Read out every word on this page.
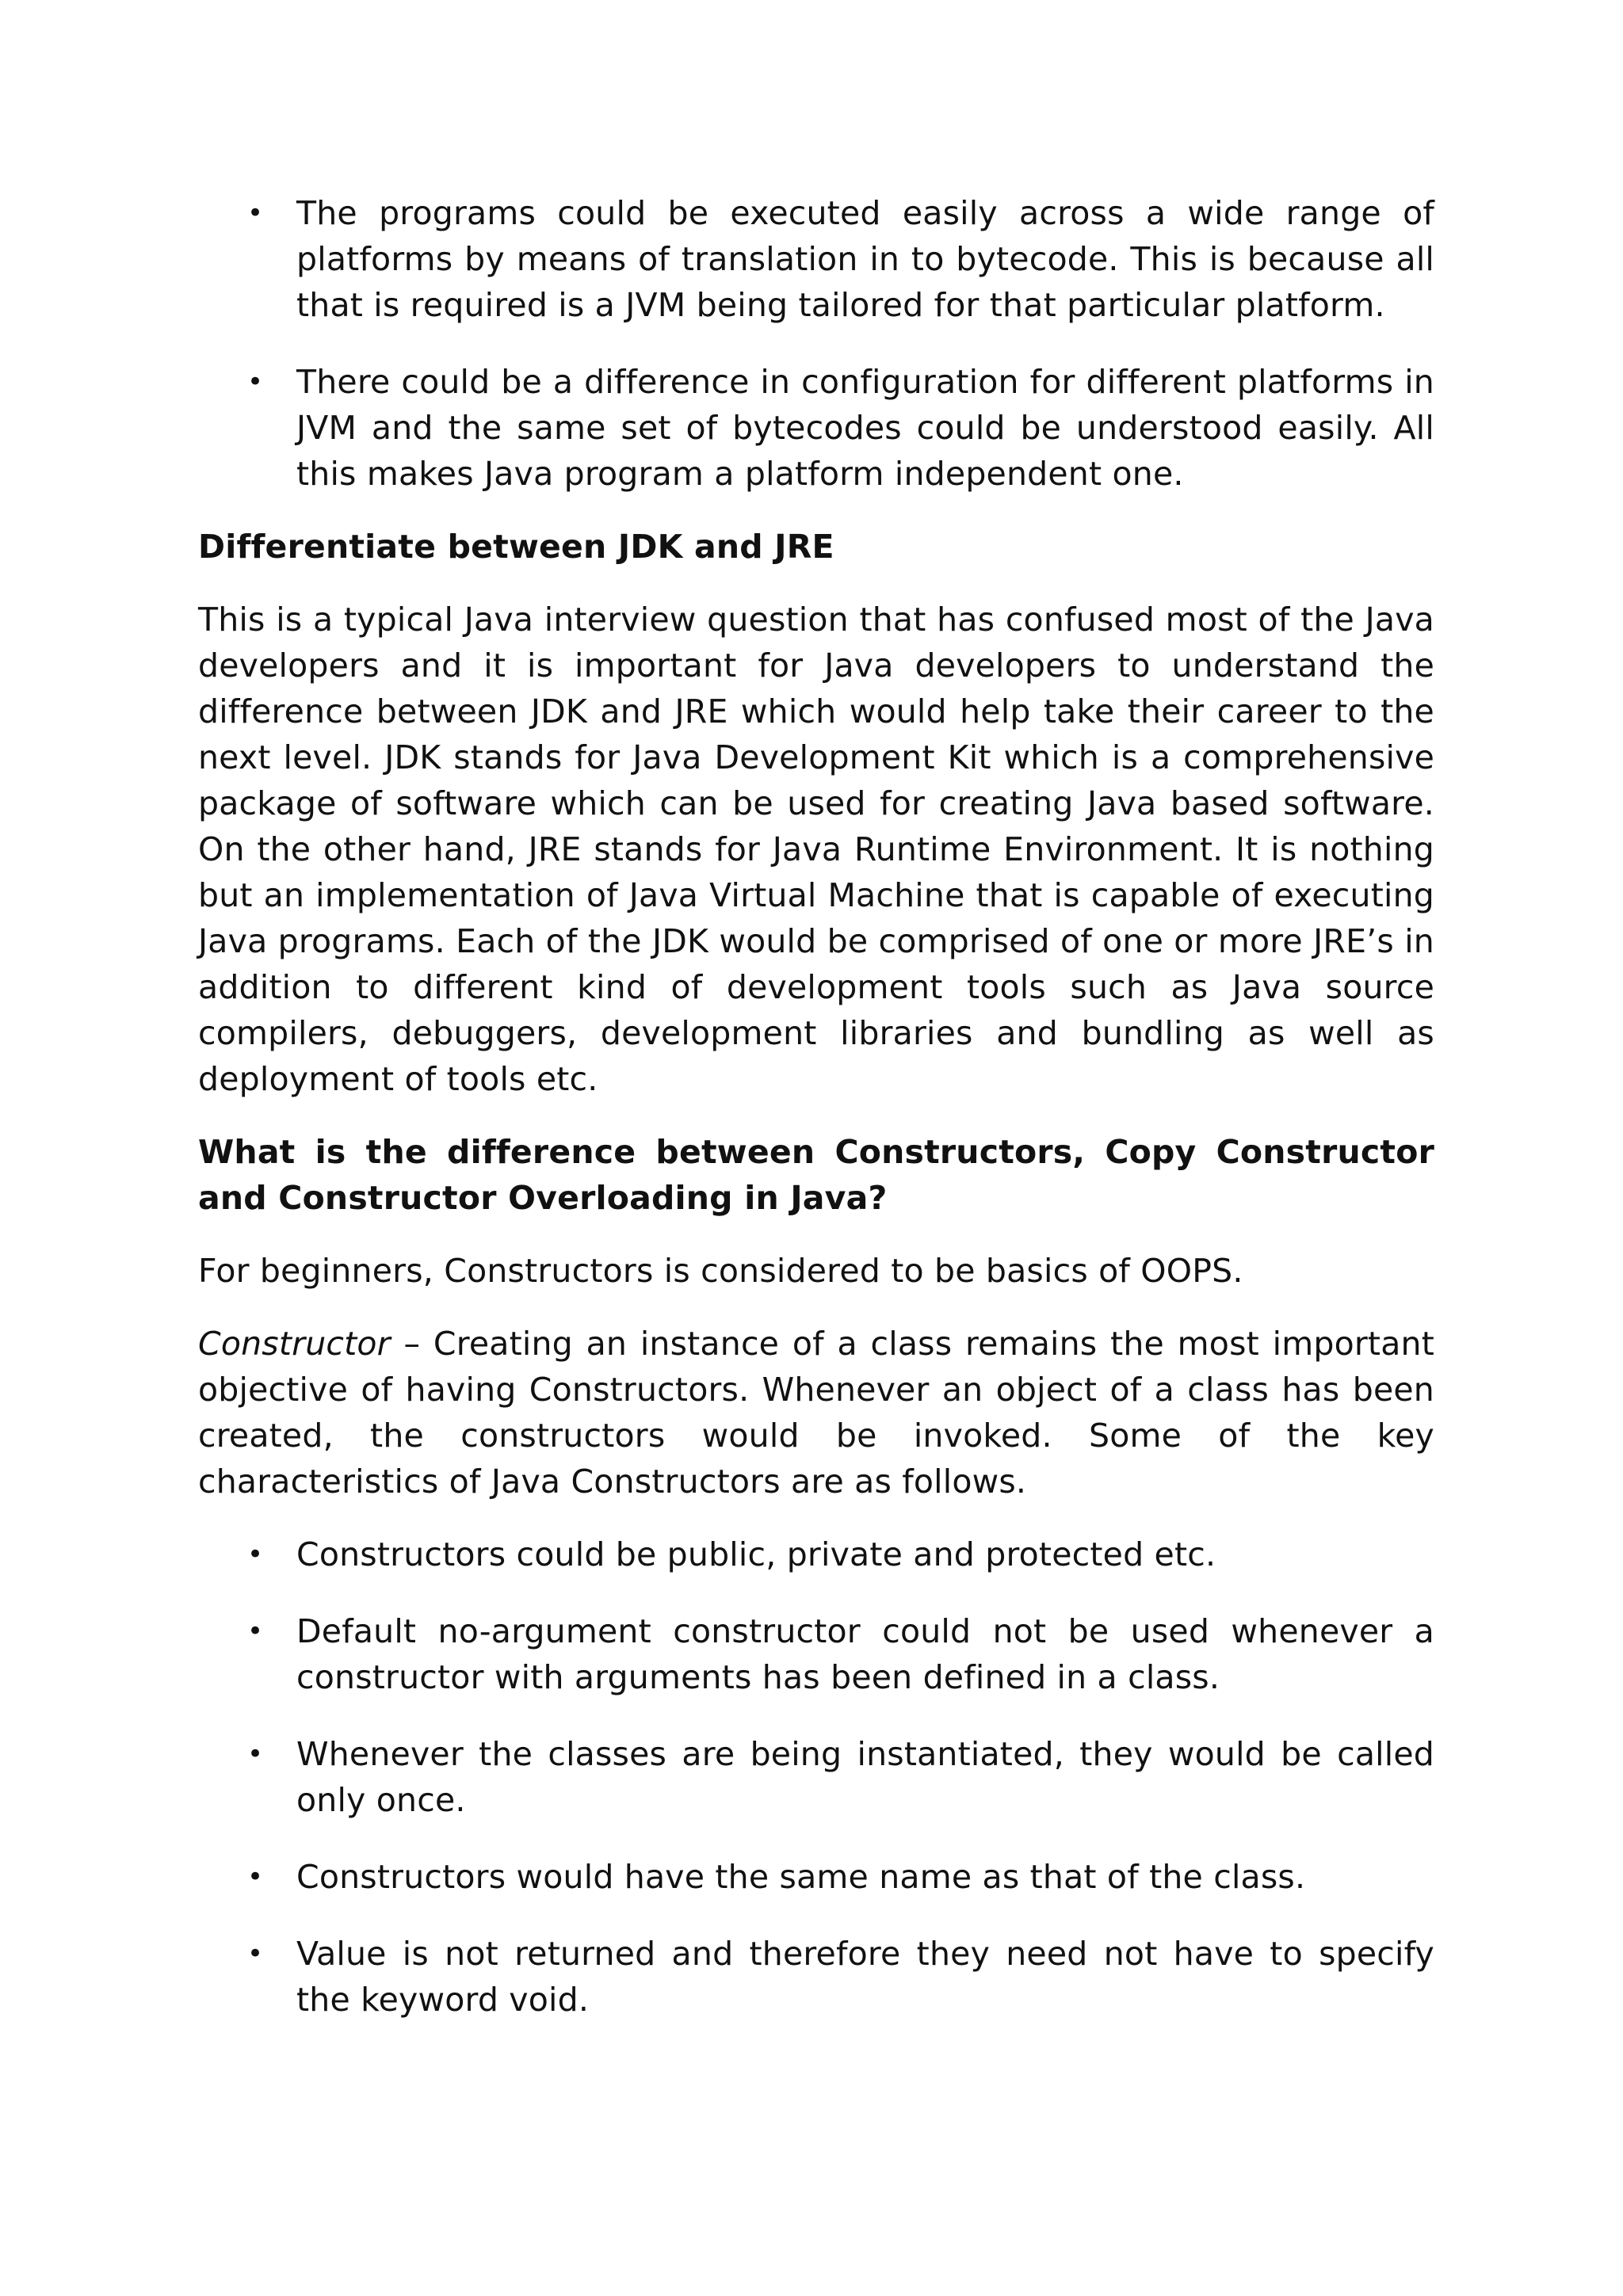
• The programs could be executed easily across a wide range of platforms by means of translation in to bytecode. This is because all that is required is a JVM being tailored for that particular platform.
• There could be a difference in configuration for different platforms in JVM and the same set of bytecodes could be understood easily. All this makes Java program a platform independent one.
Differentiate between JDK and JRE

This is a typical Java interview question that has confused most of the Java developers and it is important for Java developers to understand the difference between JDK and JRE which would help take their career to the next level. JDK stands for Java Development Kit which is a comprehensive package of software which can be used for creating Java based software. On the other hand, JRE stands for Java Runtime Environment. It is nothing but an implementation of Java Virtual Machine that is capable of executing Java programs. Each of the JDK would be comprised of one or more JRE’s in addition to different kind of development tools such as Java source compilers, debuggers, development libraries and bundling as well as deployment of tools etc.

What is the difference between Constructors, Copy Constructor and Constructor Overloading in Java?

For beginners, Constructors is considered to be basics of OOPS.

Constructor – Creating an instance of a class remains the most important objective of having Constructors. Whenever an object of a class has been created, the constructors would be invoked. Some of the key characteristics of Java Constructors are as follows.

• Constructors could be public, private and protected etc.
• Default no-argument constructor could not be used whenever a constructor with arguments has been defined in a class.
• Whenever the classes are being instantiated, they would be called only once.
• Constructors would have the same name as that of the class.
• Value is not returned and therefore they need not have to specify the keyword void.
